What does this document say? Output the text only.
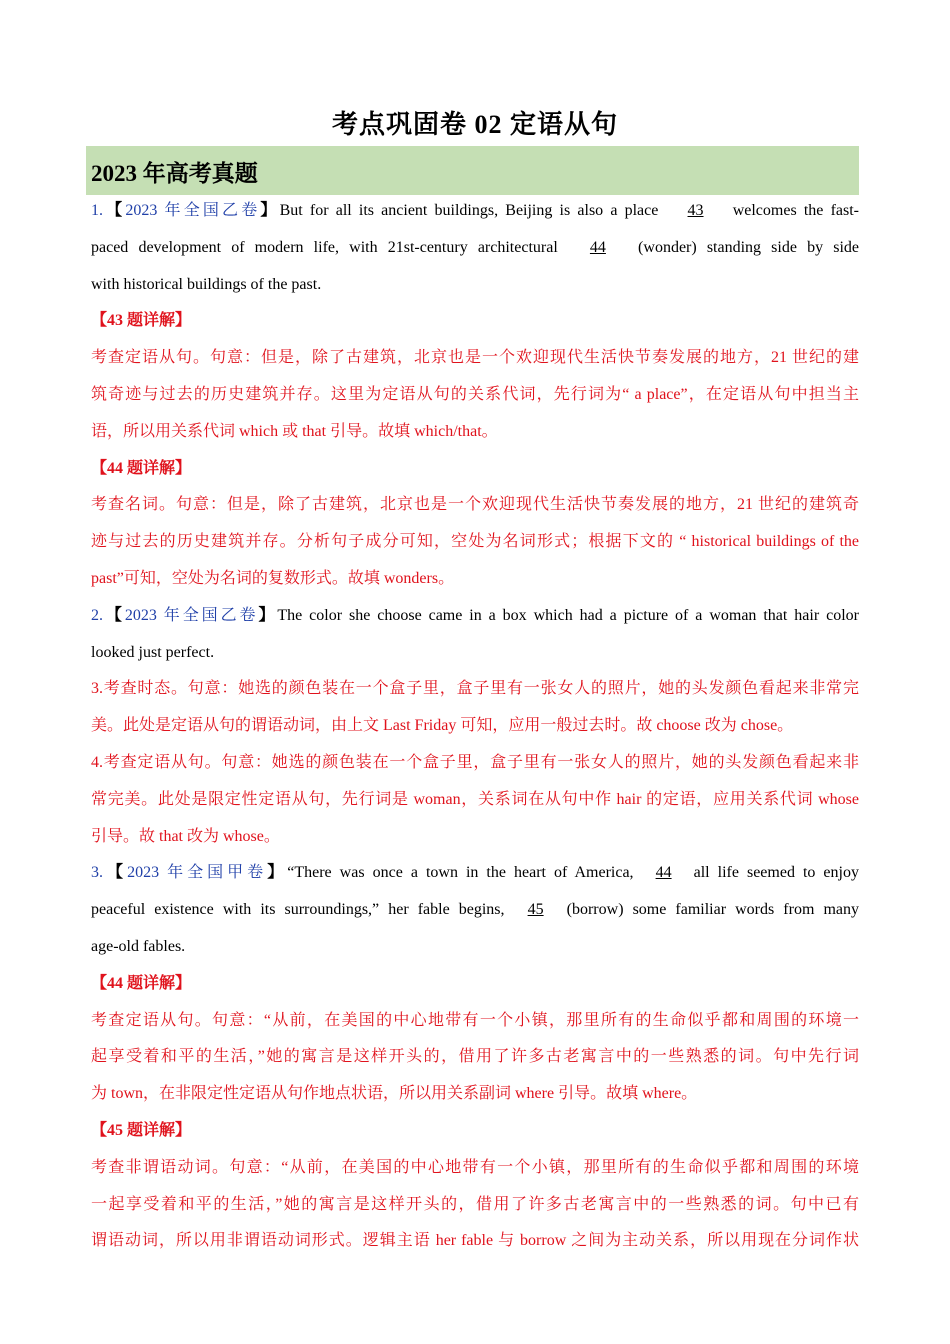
考点巩固卷 02 定语从句
2023 年高考真题
1.【2023 年全国乙卷】But for all its ancient buildings, Beijing is also a place 43 welcomes the fast-
paced development of modern life, with 21st-century architectural 44 (wonder) standing side by side
with historical buildings of the past.
【43 题详解】
考查定语从句。句意：但是，除了古建筑，北京也是一个欢迎现代生活快节奏发展的地方，21 世纪的建
筑奇迹与过去的历史建筑并存。这里为定语从句的关系代词，先行词为“ a place”，在定语从句中担当主
语，所以用关系代词 which 或 that 引导。故填 which/that。
【44 题详解】
考查名词。句意：但是，除了古建筑，北京也是一个欢迎现代生活快节奏发展的地方，21 世纪的建筑奇
迹与过去的历史建筑并存。分析句子成分可知，空处为名词形式；根据下文的 “ historical buildings of the
past”可知，空处为名词的复数形式。故填 wonders。
2.【2023 年全国乙卷】The color she choose came in a box which had a picture of a woman that hair color
looked just perfect.
3.考查时态。句意：她选的颜色装在一个盒子里，盒子里有一张女人的照片，她的头发颜色看起来非常完
美。此处是定语从句的谓语动词，由上文 Last Friday 可知，应用一般过去时。故 choose 改为 chose。
4.考查定语从句。句意：她选的颜色装在一个盒子里，盒子里有一张女人的照片，她的头发颜色看起来非
常完美。此处是限定性定语从句，先行词是 woman，关系词在从句中作 hair 的定语，应用关系代词 whose
引导。故 that 改为 whose。
3.【2023 年全国甲卷】“There was once a town in the heart of America, 44 all life seemed to enjoy
peaceful existence with its surroundings,” her fable begins, 45 (borrow) some familiar words from many
age-old fables.
【44 题详解】
考查定语从句。句意：“从前，在美国的中心地带有一个小镇，那里所有的生命似乎都和周围的环境一
起享受着和平的生活，”她的寓言是这样开头的，借用了许多古老寓言中的一些熟悉的词。句中先行词
为 town，在非限定性定语从句作地点状语，所以用关系副词 where 引导。故填 where。
【45 题详解】
考查非谓语动词。句意：“从前，在美国的中心地带有一个小镇，那里所有的生命似乎都和周围的环境
一起享受着和平的生活，”她的寓言是这样开头的，借用了许多古老寓言中的一些熟悉的词。句中已有
谓语动词，所以用非谓语动词形式。逻辑主语 her fable 与 borrow 之间为主动关系，所以用现在分词作状
